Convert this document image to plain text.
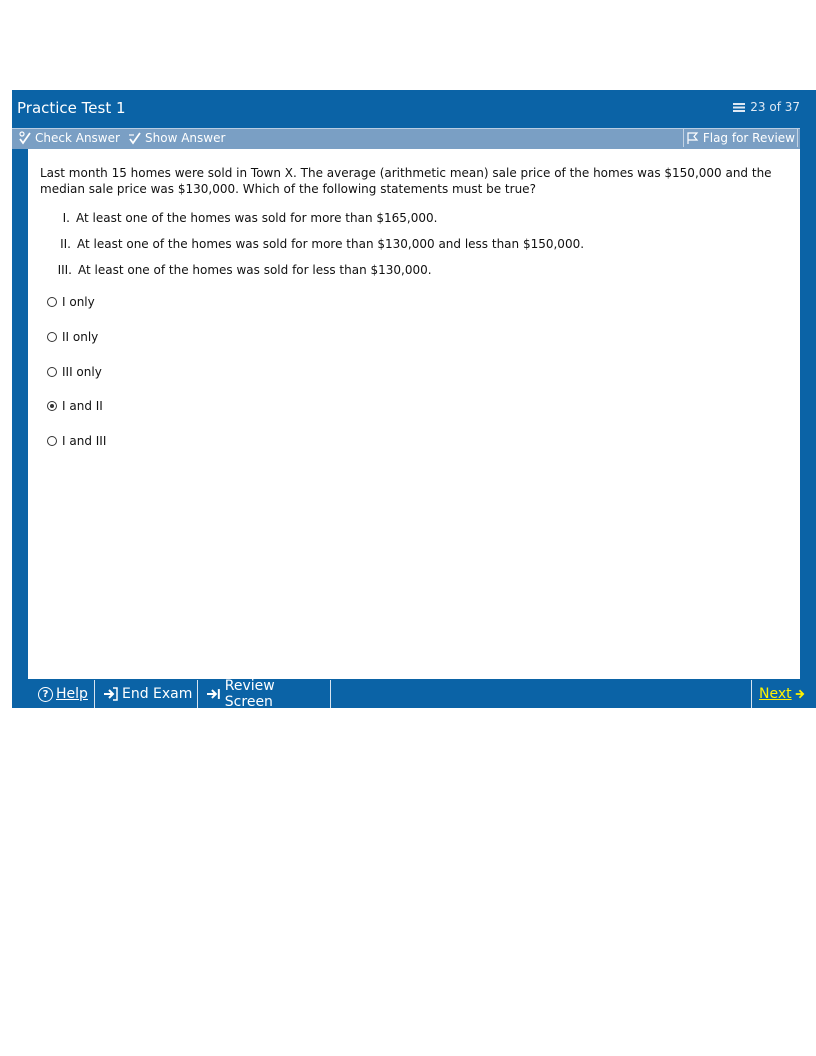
Practice Test 1	23 of 37
Check Answer Show Answer	Flag for Review
Last month 15 homes were sold in Town X. The average (arithmetic mean) sale price of the homes was $150,000 and the median sale price was $130,000. Which of the following statements must be true?
I. At least one of the homes was sold for more than $165,000.
II. At least one of the homes was sold for more than $130,000 and less than $150,000.
III. At least one of the homes was sold for less than $130,000.
I only
II only
III only
I and II
I and III
? Help End Exam Review Screen	Next
